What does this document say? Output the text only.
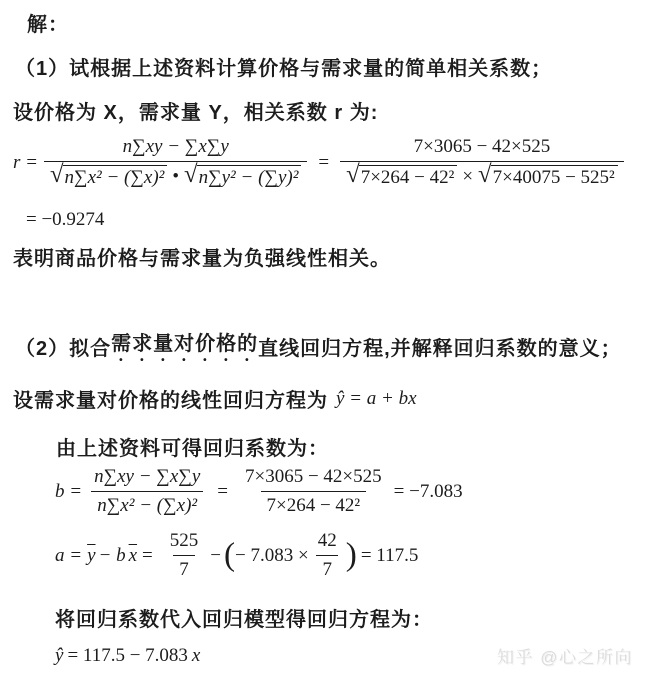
解：
（1）试根据上述资料计算价格与需求量的简单相关系数；
设价格为 X，需求量 Y，相关系数 r 为:
$r = \frac{n\sum xy - \sum x\sum y}{\text{√ n∑x² − (∑x)² • √ n∑y² − (∑y)²}} = \frac{7\times 3065 - 42\times 525}{\text{√ 7×264 − 42² × √ 7×40075 − 525²}}$
= −0.9274
表明商品价格与需求量为负强线性相关。
（2）拟合 需求量对价格的 直线回归方程,并解释回归系数的意义；
设需求量对价格的线性回归方程为 ŷ = a + bx
由上述资料可得回归系数为：
$b = \frac{n\sum xy - \sum x\sum y}{\text{n∑x² − (∑x)²}} = \frac{7\times 3065 - 42\times 525}{\text{7×264 − 42²}} = -7.083$
$a = \overline{y} - b$ $\overline{x} = \frac{525}{7}$ − ( − $7.083 \times \frac{42}{7}$ ) = 117.5
将回归系数代入回归模型得回归方程为：
ŷ = 117.5 − 7.083 x	知乎 @心之所向
